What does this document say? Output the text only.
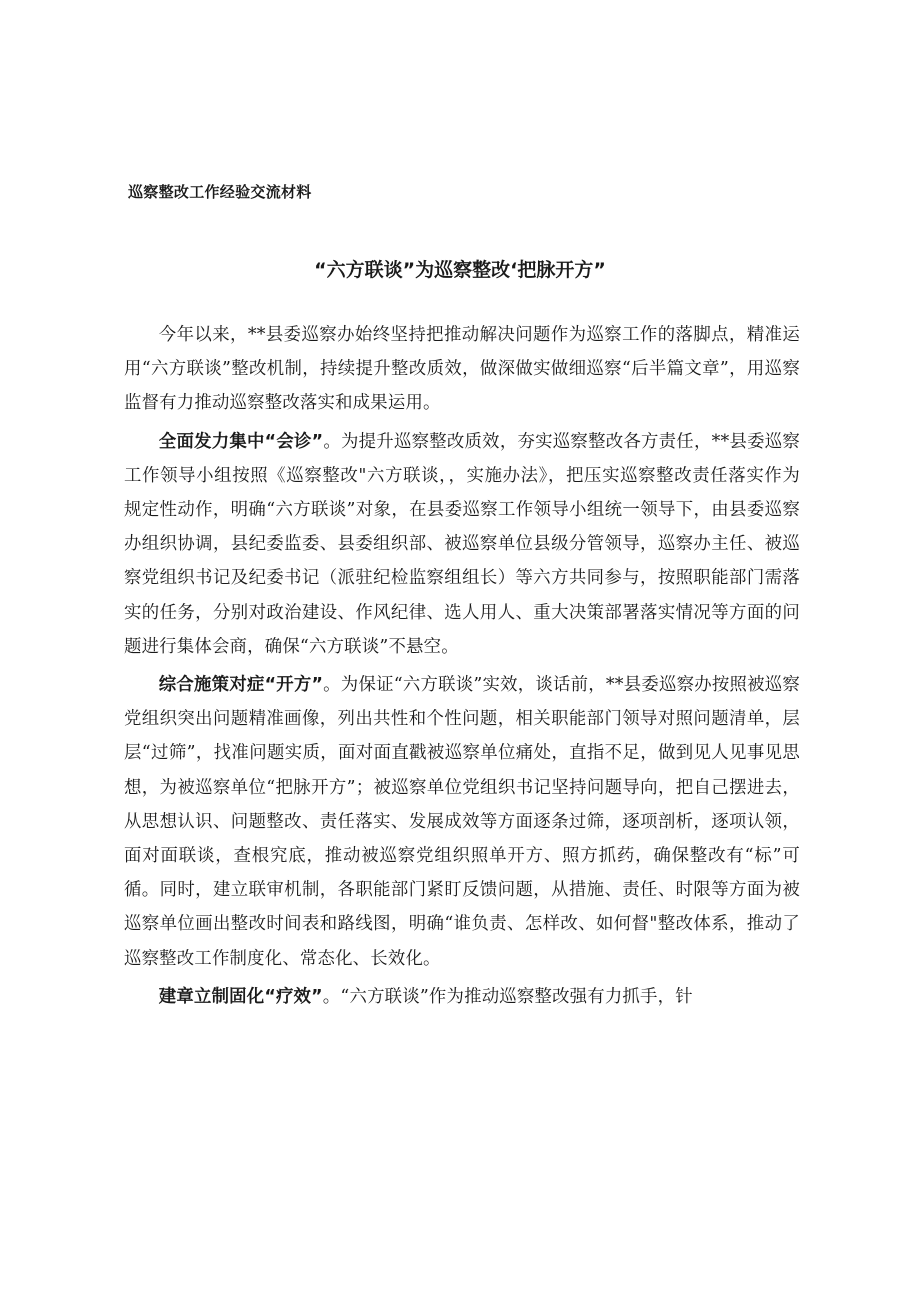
巡察整改工作经验交流材料
“六方联谈”为巡察整改‘把脉开方”

今年以来，**县委巡察办始终坚持把推动解决问题作为巡察工作的落脚点，精准运用“六方联谈”整改机制，持续提升整改质效，做深做实做细巡察“后半篇文章”，用巡察监督有力推动巡察整改落实和成果运用。

全面发力集中“会诊”。为提升巡察整改质效，夯实巡察整改各方责任，**县委巡察工作领导小组按照《巡察整改"六方联谈，，实施办法》，把压实巡察整改责任落实作为规定性动作，明确“六方联谈”对象，在县委巡察工作领导小组统一领导下，由县委巡察办组织协调，县纪委监委、县委组织部、被巡察单位县级分管领导，巡察办主任、被巡察党组织书记及纪委书记（派驻纪检监察组组长）等六方共同参与，按照职能部门需落实的任务，分别对政治建设、作风纪律、选人用人、重大决策部署落实情况等方面的问题进行集体会商，确保“六方联谈”不悬空。

综合施策对症“开方”。为保证“六方联谈”实效，谈话前，**县委巡察办按照被巡察党组织突出问题精准画像，列出共性和个性问题，相关职能部门领导对照问题清单，层层“过筛”，找准问题实质，面对面直戳被巡察单位痛处，直指不足，做到见人见事见思想，为被巡察单位“把脉开方”；被巡察单位党组织书记坚持问题导向，把自己摆进去，从思想认识、问题整改、责任落实、发展成效等方面逐条过筛，逐项剖析，逐项认领，面对面联谈，查根究底，推动被巡察党组织照单开方、照方抓药，确保整改有“标”可循。同时，建立联审机制，各职能部门紧盯反馈问题，从措施、责任、时限等方面为被巡察单位画出整改时间表和路线图，明确“谁负责、怎样改、如何督"整改体系，推动了巡察整改工作制度化、常态化、长效化。

建章立制固化“疗效”。“六方联谈”作为推动巡察整改强有力抓手，针
